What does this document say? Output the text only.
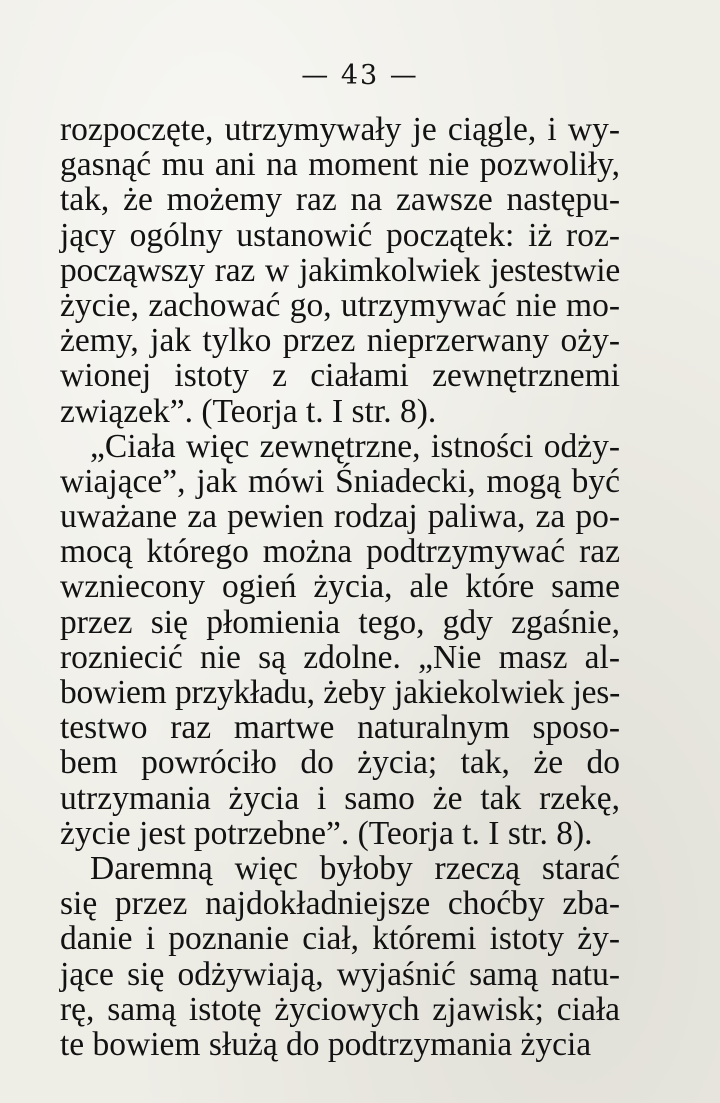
— 43 —
rozpoczęte, utrzymywały je ciągle, i wy-
gasnąć mu ani na moment nie pozwoliły,
tak, że możemy raz na zawsze następu-
jący ogólny ustanowić początek: iż roz-
począwszy raz w jakimkolwiek jestestwie
życie, zachować go, utrzymywać nie mo-
żemy, jak tylko przez nieprzerwany oży-
wionej istoty z ciałami zewnętrznemi
związek”. (Teorja t. I str. 8).
„Ciała więc zewnętrzne, istności odży-
wiające”, jak mówi Śniadecki, mogą być
uważane za pewien rodzaj paliwa, za po-
mocą którego można podtrzymywać raz
wzniecony ogień życia, ale które same
przez się płomienia tego, gdy zgaśnie,
rozniecić nie są zdolne. „Nie masz al-
bowiem przykładu, żeby jakiekolwiek jes-
testwo raz martwe naturalnym sposo-
bem powróciło do życia; tak, że do
utrzymania życia i samo że tak rzekę,
życie jest potrzebne”. (Teorja t. I str. 8).
Daremną więc byłoby rzeczą starać
się przez najdokładniejsze choćby zba-
danie i poznanie ciał, któremi istoty ży-
jące się odżywiają, wyjaśnić samą natu-
rę, samą istotę życiowych zjawisk; ciała
te bowiem służą do podtrzymania życia
